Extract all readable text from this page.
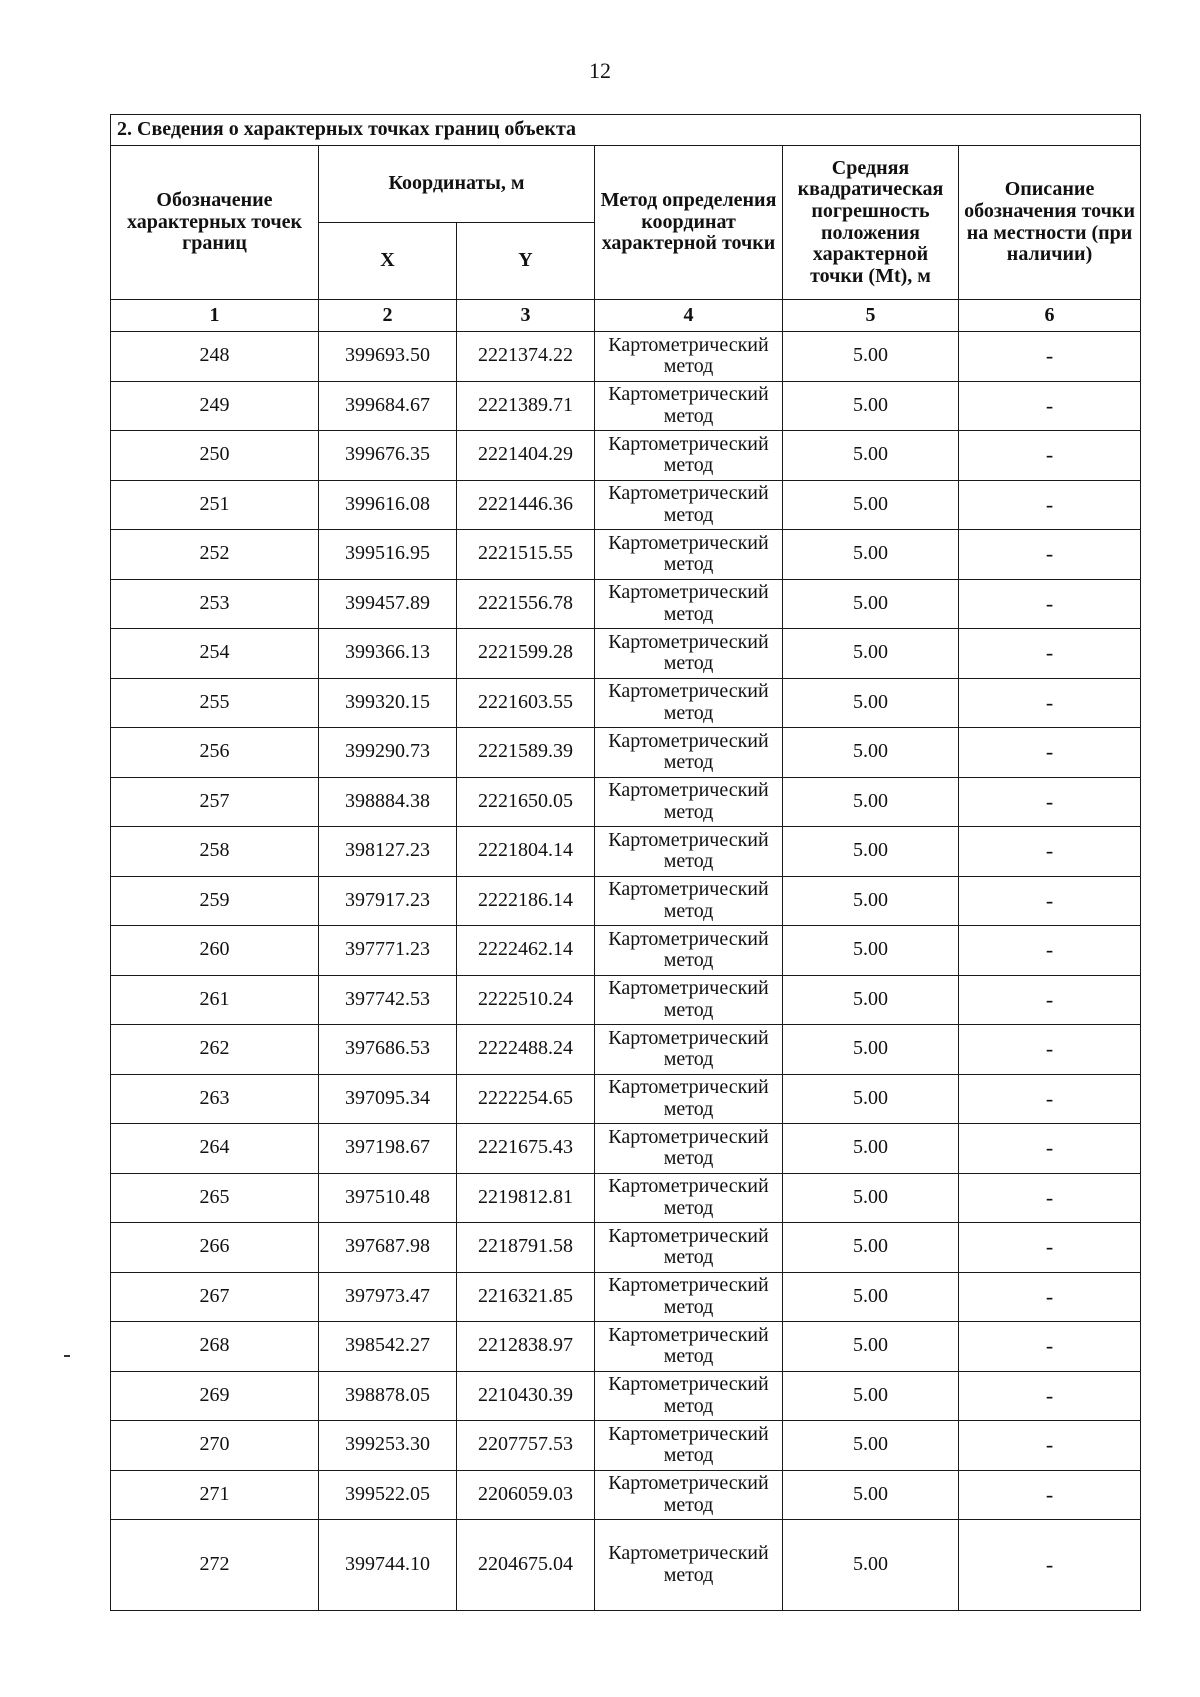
12
2. Сведения о характерных точках границ объекта					
Обозначение характерных точек границ	Координаты, м		Метод определения координат характерной точки	Средняя квадратическая погрешность положения характерной точки (Mt), м	Описание обозначения точки на местности (при наличии)
	X	Y			
1	2	3	4	5	6
248	399693.50	2221374.22	Картометрический метод	5.00	-
249	399684.67	2221389.71	Картометрический метод	5.00	-
250	399676.35	2221404.29	Картометрический метод	5.00	-
251	399616.08	2221446.36	Картометрический метод	5.00	-
252	399516.95	2221515.55	Картометрический метод	5.00	-
253	399457.89	2221556.78	Картометрический метод	5.00	-
254	399366.13	2221599.28	Картометрический метод	5.00	-
255	399320.15	2221603.55	Картометрический метод	5.00	-
256	399290.73	2221589.39	Картометрический метод	5.00	-
257	398884.38	2221650.05	Картометрический метод	5.00	-
258	398127.23	2221804.14	Картометрический метод	5.00	-
259	397917.23	2222186.14	Картометрический метод	5.00	-
260	397771.23	2222462.14	Картометрический метод	5.00	-
261	397742.53	2222510.24	Картометрический метод	5.00	-
262	397686.53	2222488.24	Картометрический метод	5.00	-
263	397095.34	2222254.65	Картометрический метод	5.00	-
264	397198.67	2221675.43	Картометрический метод	5.00	-
265	397510.48	2219812.81	Картометрический метод	5.00	-
266	397687.98	2218791.58	Картометрический метод	5.00	-
267	397973.47	2216321.85	Картометрический метод	5.00	-
268	398542.27	2212838.97	Картометрический метод	5.00	-
269	398878.05	2210430.39	Картометрический метод	5.00	-
270	399253.30	2207757.53	Картометрический метод	5.00	-
271	399522.05	2206059.03	Картометрический метод	5.00	-
272	399744.10	2204675.04	Картометрический метод	5.00	-
